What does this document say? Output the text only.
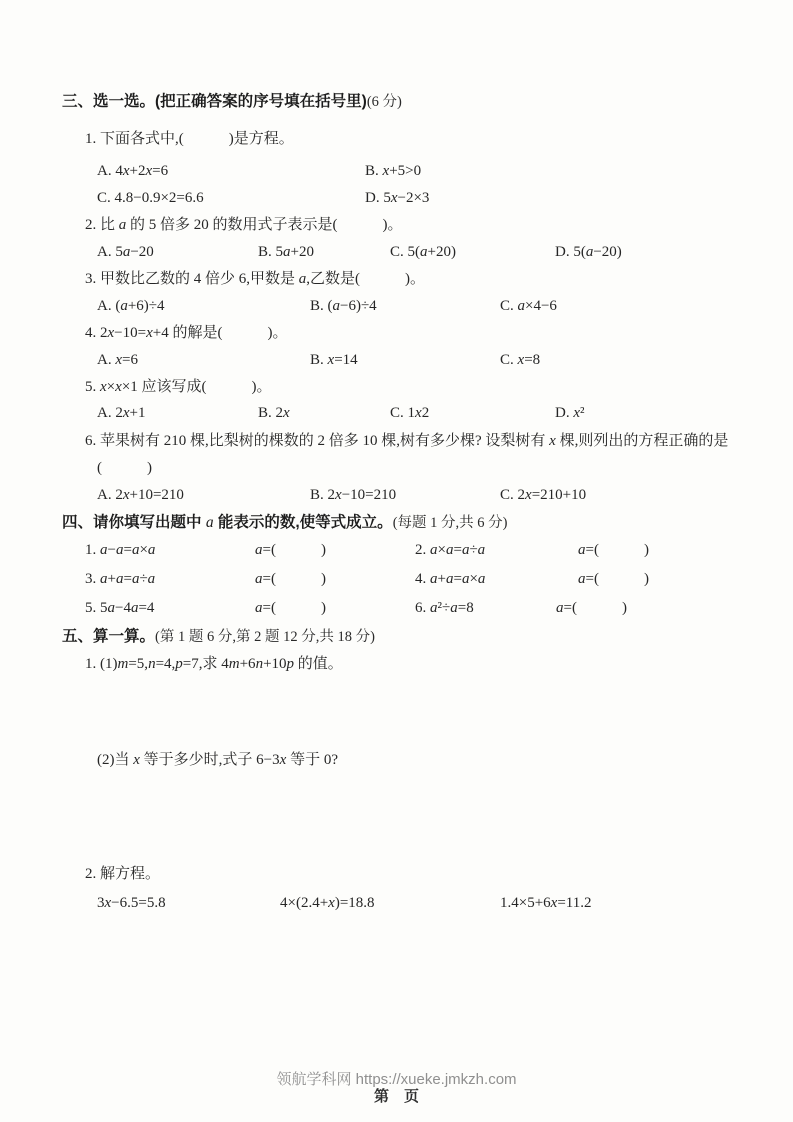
三、选一选。(把正确答案的序号填在括号里)(6 分)
1. 下面各式中,(　　　)是方程。
A. 4x+2x=6	B. x+5>0
C. 4.8−0.9×2=6.6	D. 5x−2×3
2. 比 a 的 5 倍多 20 的数用式子表示是(　　　)。
A. 5a−20	B. 5a+20	C. 5(a+20)	D. 5(a−20)
3. 甲数比乙数的 4 倍少 6,甲数是 a,乙数是(　　　)。
A. (a+6)÷4	B. (a−6)÷4	C. a×4−6
4. 2x−10=x+4 的解是(　　　)。
A. x=6	B. x=14	C. x=8
5. x×x×1 应该写成(　　　)。
A. 2x+1	B. 2x	C. 1x2	D. x²
6. 苹果树有 210 棵,比梨树的棵数的 2 倍多 10 棵,树有多少棵? 设梨树有 x 棵,则列出的方程正确的是
(　　　)
A. 2x+10=210	B. 2x−10=210	C. 2x=210+10
四、请你填写出题中 a 能表示的数,使等式成立。(每题 1 分,共 6 分)
1. a−a=a×a	a=(　　　)	2. a×a=a÷a	a=(　　　)
3. a+a=a÷a	a=(　　　)	4. a+a=a×a	a=(　　　)
5. 5a−4a=4	a=(　　　)	6. a²÷a=8	a=(　　　)
五、算一算。(第 1 题 6 分,第 2 题 12 分,共 18 分)
1. (1)m=5,n=4,p=7,求 4m+6n+10p 的值。
(2)当 x 等于多少时,式子 6−3x 等于 0?
2. 解方程。
3x−6.5=5.8	4×(2.4+x)=18.8	1.4×5+6x=11.2
领航学科网 https://xueke.jmkzh.com
第　页
